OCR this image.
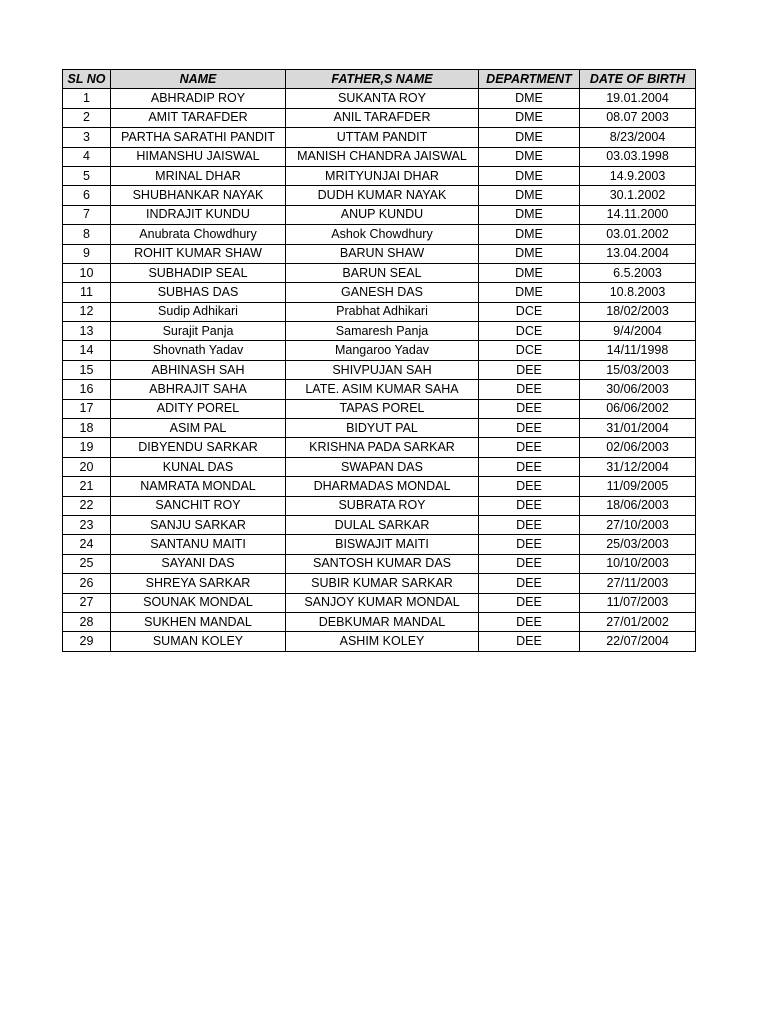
SL NO	NAME	FATHER,S NAME	DEPARTMENT	DATE OF BIRTH
1	ABHRADIP ROY	SUKANTA ROY	DME	19.01.2004
2	AMIT TARAFDER	ANIL TARAFDER	DME	08.07 2003
3	PARTHA SARATHI PANDIT	UTTAM PANDIT	DME	8/23/2004
4	HIMANSHU JAISWAL	MANISH CHANDRA JAISWAL	DME	03.03.1998
5	MRINAL DHAR	MRITYUNJAI DHAR	DME	14.9.2003
6	SHUBHANKAR NAYAK	DUDH KUMAR NAYAK	DME	30.1.2002
7	INDRAJIT KUNDU	ANUP KUNDU	DME	14.11.2000
8	Anubrata Chowdhury	Ashok Chowdhury	DME	03.01.2002
9	ROHIT KUMAR SHAW	BARUN SHAW	DME	13.04.2004
10	SUBHADIP SEAL	BARUN SEAL	DME	6.5.2003
11	SUBHAS DAS	GANESH DAS	DME	10.8.2003
12	Sudip Adhikari	Prabhat Adhikari	DCE	18/02/2003
13	Surajit Panja	Samaresh Panja	DCE	9/4/2004
14	Shovnath Yadav	Mangaroo Yadav	DCE	14/11/1998
15	ABHINASH SAH	SHIVPUJAN SAH	DEE	15/03/2003
16	ABHRAJIT SAHA	LATE. ASIM KUMAR SAHA	DEE	30/06/2003
17	ADITY POREL	TAPAS POREL	DEE	06/06/2002
18	ASIM PAL	BIDYUT PAL	DEE	31/01/2004
19	DIBYENDU SARKAR	KRISHNA PADA SARKAR	DEE	02/06/2003
20	KUNAL DAS	SWAPAN DAS	DEE	31/12/2004
21	NAMRATA MONDAL	DHARMADAS MONDAL	DEE	11/09/2005
22	SANCHIT ROY	SUBRATA ROY	DEE	18/06/2003
23	SANJU SARKAR	DULAL SARKAR	DEE	27/10/2003
24	SANTANU MAITI	BISWAJIT MAITI	DEE	25/03/2003
25	SAYANI DAS	SANTOSH KUMAR DAS	DEE	10/10/2003
26	SHREYA SARKAR	SUBIR KUMAR SARKAR	DEE	27/11/2003
27	SOUNAK MONDAL	SANJOY KUMAR MONDAL	DEE	11/07/2003
28	SUKHEN MANDAL	DEBKUMAR MANDAL	DEE	27/01/2002
29	SUMAN KOLEY	ASHIM KOLEY	DEE	22/07/2004
